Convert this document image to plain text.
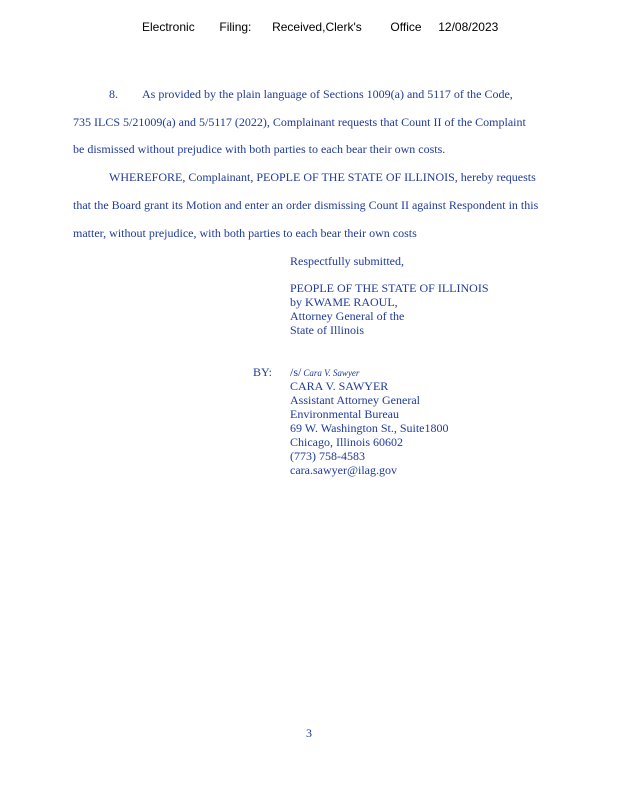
Electronic Filing: Received,Clerk's Office 12/08/2023
8. As provided by the plain language of Sections 1009(a) and 5117 of the Code,
735 ILCS 5/21009(a) and 5/5117 (2022), Complainant requests that Count II of the Complaint
be dismissed without prejudice with both parties to each bear their own costs.
WHEREFORE, Complainant, PEOPLE OF THE STATE OF ILLINOIS, hereby requests
that the Board grant its Motion and enter an order dismissing Count II against Respondent in this
matter, without prejudice, with both parties to each bear their own costs
Respectfully submitted,
PEOPLE OF THE STATE OF ILLINOIS
by KWAME RAOUL,
Attorney General of the
State of Illinois
BY: /s/ Cara V. Sawyer
CARA V. SAWYER
Assistant Attorney General
Environmental Bureau
69 W. Washington St., Suite1800
Chicago, Illinois 60602
(773) 758-4583
cara.sawyer@ilag.gov
3
